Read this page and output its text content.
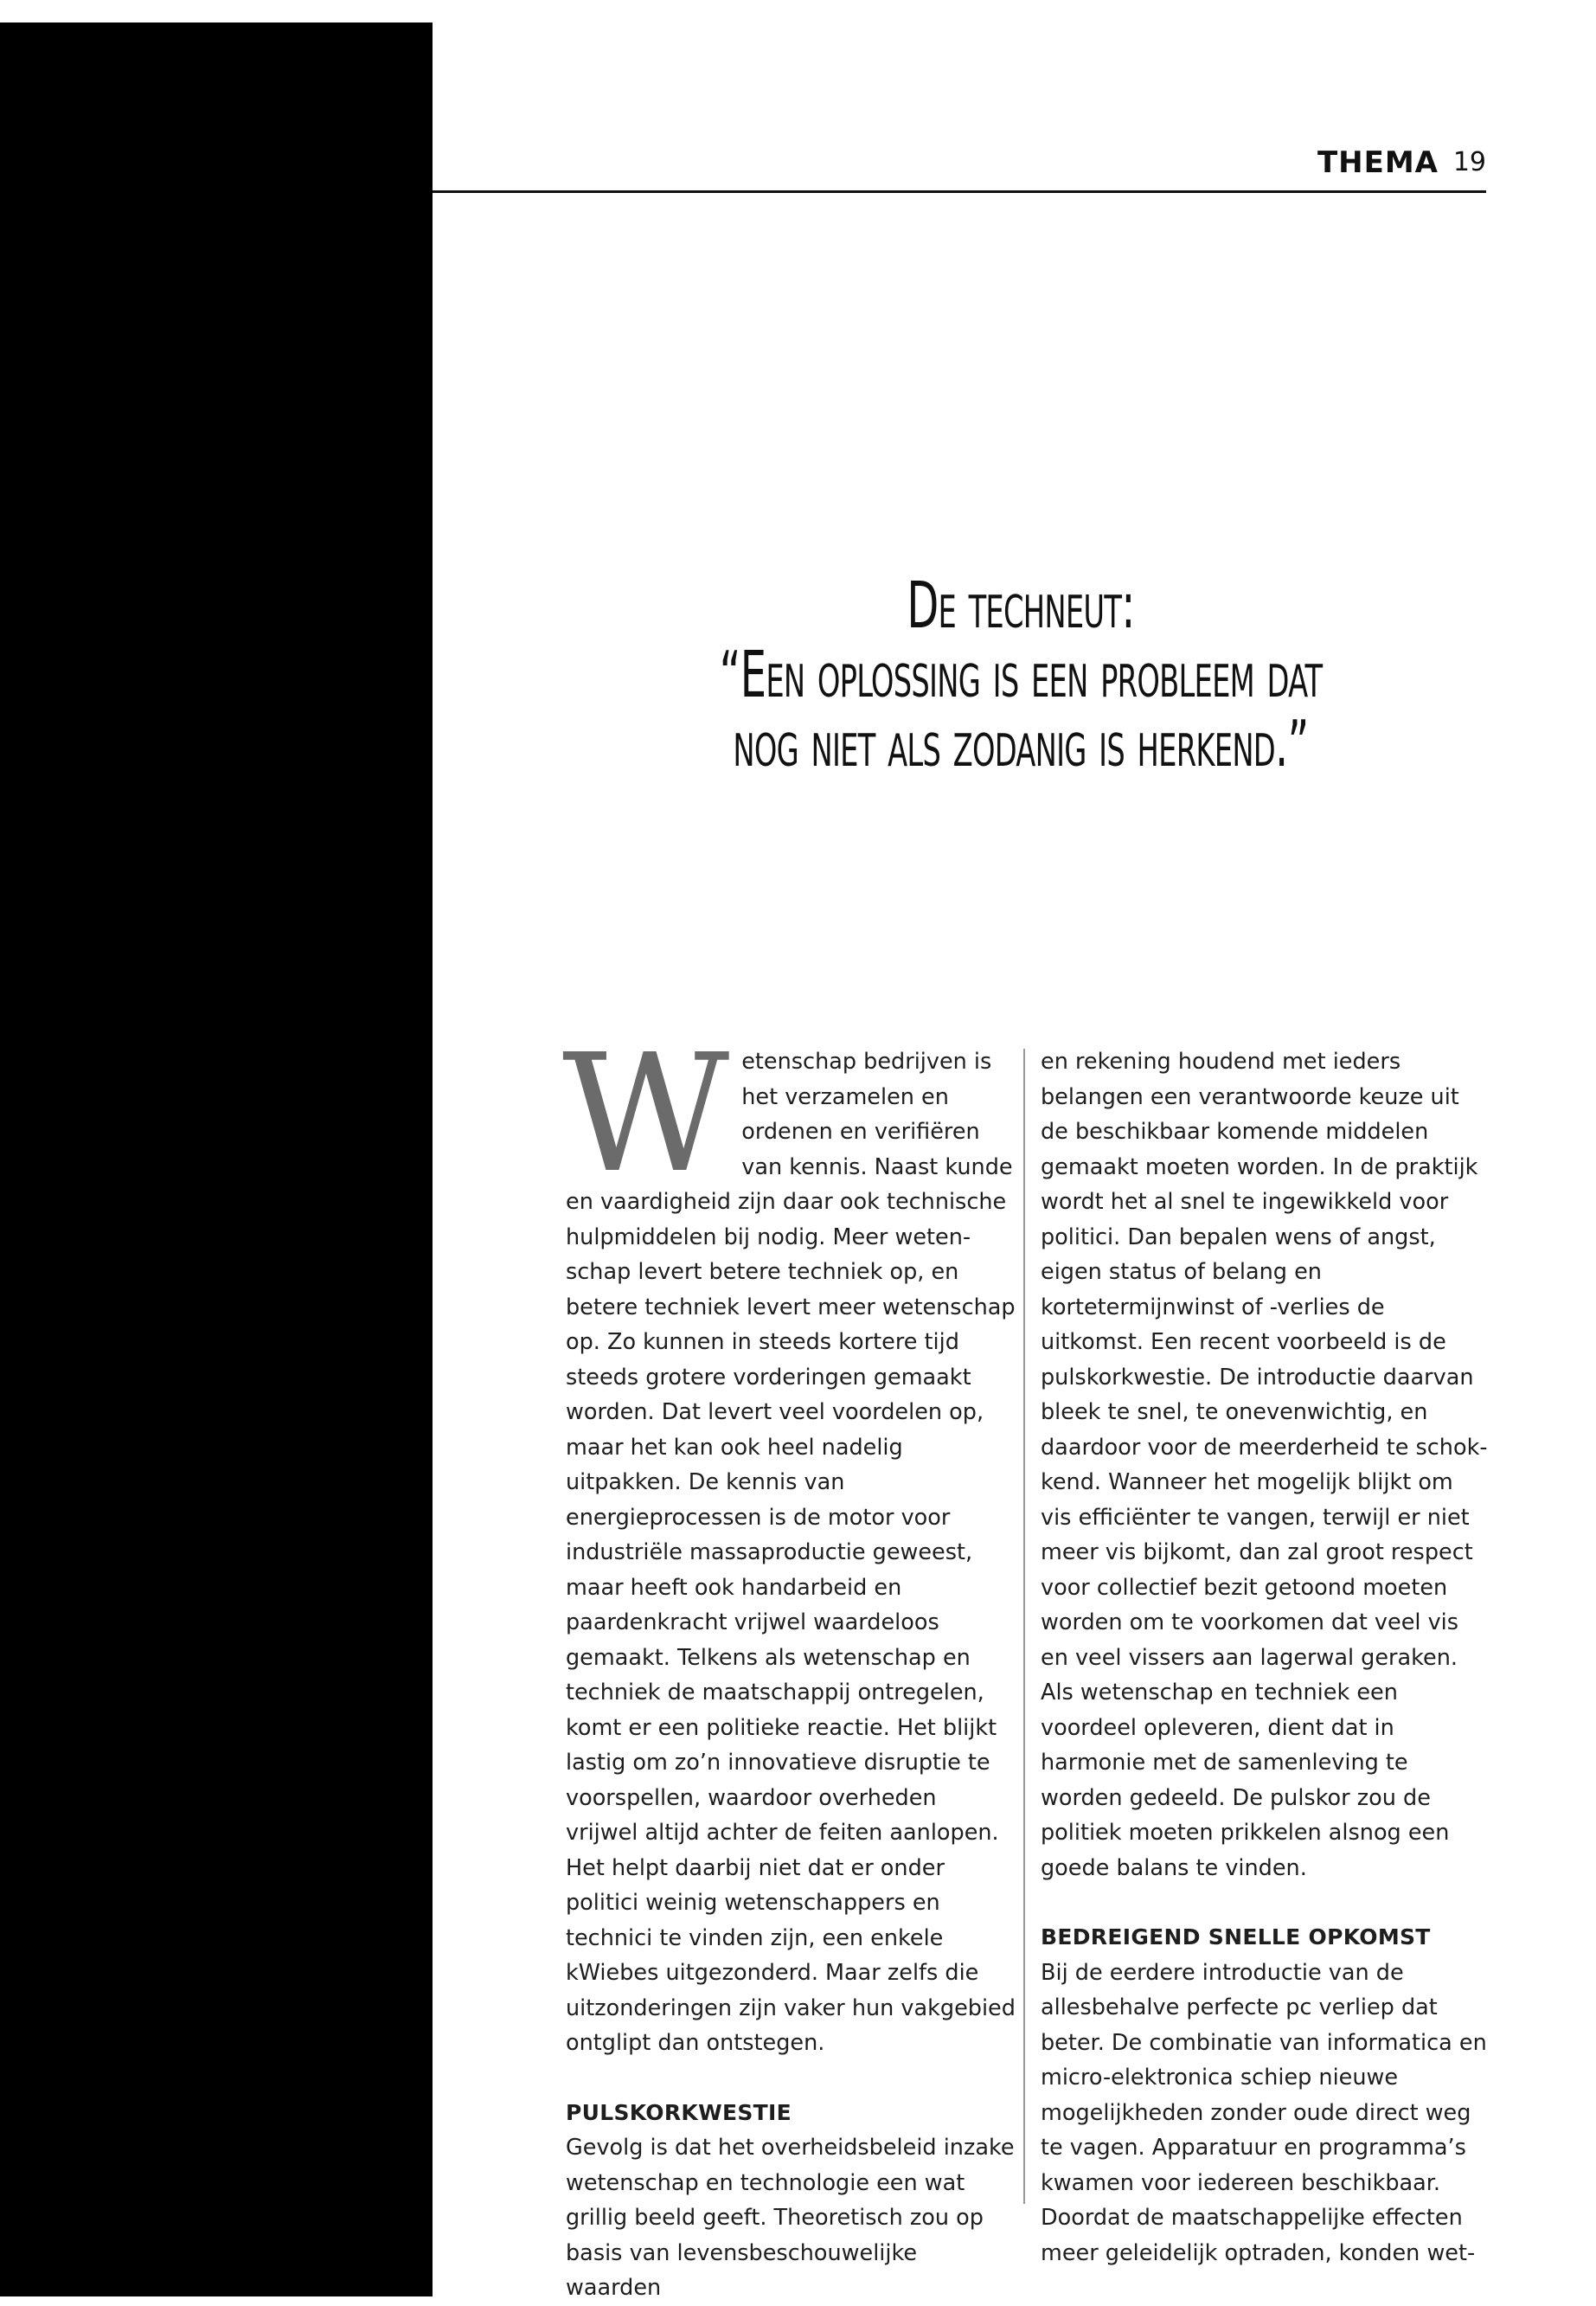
THEMA 19
De techneut:
“Een oplossing is een probleem dat
nog niet als zodanig is herkend.”
W etenschap bedrijven is het verzamelen en ordenen en verifiëren van kennis. Naast kunde en vaardigheid zijn daar ook technische hulpmiddelen bij nodig. Meer wetenschap levert betere techniek op, en betere techniek levert meer wetenschap op. Zo kunnen in steeds kortere tijd steeds grotere vorderingen gemaakt worden. Dat levert veel voordelen op, maar het kan ook heel nadelig uitpakken. De kennis van energieprocessen is de motor voor industriële massaproductie geweest, maar heeft ook handarbeid en paardenkracht vrijwel waardeloos gemaakt. Telkens als wetenschap en techniek de maatschappij ontregelen, komt er een politieke reactie. Het blijkt lastig om zo’n innovatieve disruptie te voorspellen, waardoor overheden vrijwel altijd achter de feiten aanlopen. Het helpt daarbij niet dat er onder politici weinig wetenschappers en technici te vinden zijn, een enkele kWiebes uitgezonderd. Maar zelfs die uitzonderingen zijn vaker hun vakgebied ontglipt dan ontstegen.

PULSKORKWESTIE

Gevolg is dat het overheidsbeleid inzake wetenschap en technologie een wat grillig beeld geeft. Theoretisch zou op basis van levensbeschouwelijke waarden

en rekening houdend met ieders belangen een verantwoorde keuze uit de beschikbaar komende middelen gemaakt moeten worden. In de praktijk wordt het al snel te ingewikkeld voor politici. Dan bepalen wens of angst, eigen status of belang en kortetermijnwinst of -verlies de uitkomst. Een recent voorbeeld is de pulskorkwestie. De introductie daarvan bleek te snel, te onevenwichtig, en daardoor voor de meerderheid te schokkend. Wanneer het mogelijk blijkt om vis efficiënter te vangen, terwijl er niet meer vis bijkomt, dan zal groot respect voor collectief bezit getoond moeten worden om te voorkomen dat veel vis en veel vissers aan lagerwal geraken. Als wetenschap en techniek een voordeel opleveren, dient dat in harmonie met de samenleving te worden gedeeld. De pulskor zou de politiek moeten prikkelen alsnog een goede balans te vinden.

BEDREIGEND SNELLE OPKOMST

Bij de eerdere introductie van de allesbehalve perfecte pc verliep dat beter. De combinatie van informatica en micro-elektronica schiep nieuwe mogelijkheden zonder oude direct weg te vagen. Apparatuur en programma’s kwamen voor iedereen beschikbaar. Doordat de maatschappelijke effecten meer geleidelijk optraden, konden wet-
